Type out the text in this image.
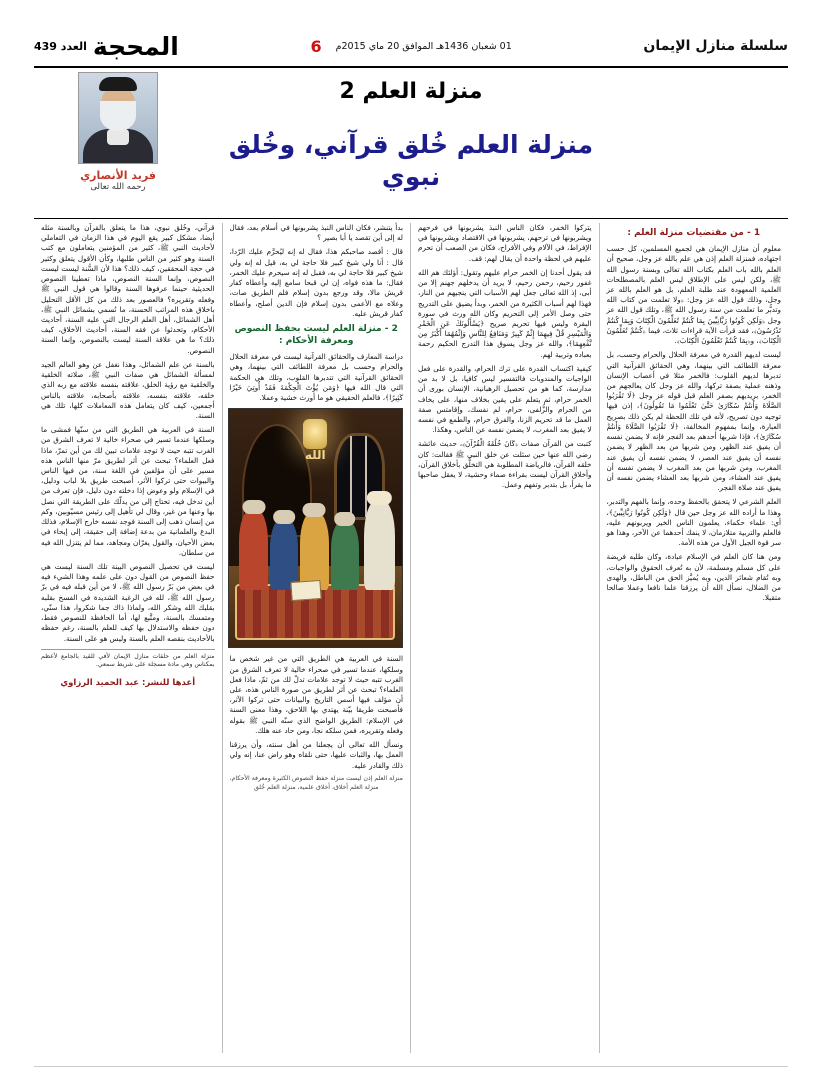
سلسلة منازل الإيمان
01 شعبان 1436هـ الموافق 20 ماي 2015م
6
المحجة
العدد 439
منزلة العلم 2
منزلة العلم خُلق قرآني، وخُلق نبوي
فريد الأنصاري
رحمه الله تعالى
1 - من مقتضيات منزلة العلم :

معلوم أن منازل الإيمان هي لجميع المسلمين، كل حسب اجتهاده، فمنزلة العلم إذن هي علم بالله عز وجل، صحيح أن العلم بالله باب العلم بكتاب الله تعالى وبسنة رسول الله ﷺ، ولكن ليس على الإطلاق ليس العلم بالمصطلحات العلمية المعهودة عند طلبة العلم، بل هو العلم بالله عز وجل، وذلك قول الله عز وجل: ﴿ولا تعلمت من كتاب الله وتدبُّر ما تعلمت من سنة رسول الله ﷺ، وتلك قول الله عز وجل ﴿وَلَكِن كُونُوا رَبَّانِيِّينَ بِمَا كُنتُمْ تُعَلِّمُونَ الْكِتَابَ وَبِمَا كُنتُمْ تَدْرُسُونَ﴾، فقد قرأت الآية قراءات ثلاث، فيما ﴿كُنتُمْ تُعَلِّمُونَ الْكِتَابَ﴾، و﴿بِمَا كُنتُمْ تَعْلَمُونَ الْكِتَابَ﴾.

ليست لديهم القدرة في معرفة الحلال والحرام وحسب، بل معرفة اللطائف التي بينهما، وهي الحقائق القرآنية التي تدبرها لديهم القلوب: فالخمر مثلا في أعصاب الإنسان وذهنه عملية بصفة تركها، والله عز وجل كان يعالجهم من الخمر، بريديهم بصفر العلم قبل قوله عز وجل ﴿لَا تَقْرَبُوا الصَّلَاةَ وَأَنتُمْ سُكَارَىٰ حَتَّىٰ تَعْلَمُوا مَا تَقُولُونَ﴾، إذن فيها توجيه دون تصريح، لأنه في تلك اللحظة لم يكن ذلك بصريح العبارة، وإنما بمفهوم المخالفة، ﴿لَا تَقْرَبُوا الصَّلَاةَ وَأَنتُمْ سُكَارَىٰ﴾، فإذا شربها أحدهم بعد الفجر فإنه لا يضمن نفسه أن يفيق عند الظهر، ومن شربها من بعد الظهر لا يضمن نفسه أن يفيق عند العصر، لا يضمن نفسه أن يفيق عند المغرب، ومن شربها من بعد المغرب لا يضمن نفسه أن يفيق عند العشاء، ومن شربها بعد العشاء يضمن نفسه أن يفيق عند صلاة الفجر.

العلم الشرعي لا يتحقق بالحفظ وحده، وإنما بالفهم والتدبر، وهذا ما أراده الله عز وجل حين قال ﴿وَلَكِن كُونُوا رَبَّانِيِّينَ﴾، أي: علماء حكماء، يعلمون الناس الخير ويربونهم عليه، فالعلم والتربية متلازمان، لا ينفك أحدهما عن الآخر، وهذا هو سر قوة الجيل الأول من هذه الأمة.

ومن هنا كان العلم في الإسلام عبادة، وكان طلبه فريضة على كل مسلم ومسلمة، لأن به تُعرف الحقوق والواجبات، وبه تُقام شعائر الدين، وبه يُميَّز الحق من الباطل، والهدى من الضلال، نسأل الله أن يرزقنا علما نافعا وعملا صالحا متقبلا.

يتركوا الخمر، فكان الناس النبذ يشربونها في فرحهم ويشربونها في ترحهم، يشربونها في الاقتصاد ويشربونها في الإفراط، في الآلام وفي الأفراح، فكان من الصعب أن تحرم عليهم في لحظة واحدة أن يقال لهم: قف.

قد يقول أحدنا إن الخمر حرام عليهم وتقول: أؤلئك هم الله غفور رحيم، رحمن رحيم، لا يريد أن يدخلهم جهنم إلا من أبى، إذ الله تعالى جعل لهم الأسباب التي ينجيهم من النار، فهذا لهم أسباب الكثيرة من الخمر، وبدأ يضيق على التدريج حتى وصل الأمر إلى التحريم وكان الله ورث في سورة البقرة وليس فيها تحريم صريح ﴿يَسْأَلُونَكَ عَنِ الْخَمْرِ وَالْمَيْسِرِ قُلْ فِيهِمَا إِثْمٌ كَبِيرٌ وَمَنَافِعُ لِلنَّاسِ وَإِثْمُهُمَا أَكْبَرُ مِن نَّفْعِهِمَا﴾، والله عز وجل يسوق هذا التدرج الحكيم رحمة بعباده وتربية لهم.

كيفية اكتساب القدرة على ترك الحرام، والقدرة على فعل الواجبات والمندوبات فالتفسير ليس كافيا، بل لا بد من مدارسة، كما هو من تحصيل الرهبانية، الإنسان بورى أن الخمر حرام، ثم يتعلم على يقين بخلاف منها، على يخاف من الحرام والزُّلفى، حرام، لم نفسك، وإقامتس صفة العمل ما قد تحريم الزنا، والفرق حرام، والطمع في نفسه لا يفيق بعد المغرب، لا يضمن نفسه عن الناس، وهكذا.

كتبت من القرآن صفات ﴿كَانَ خُلُقَهُ الْقُرْآنَ﴾، حديث عائشة رضي الله عنها حين سئلت عن خلق النبي ﷺ فقالت: كان خلقه القرآن، فالرياضة المطلوبة هي التخلُّق بأخلاق القرآن، وأخلاق القرآن ليست بقراءة صماء وحشية، لا يعقل صاحبها ما يقرأ، بل بتدبر وتفهم وعمل.

بدأ يتنشر، فكان الناس النبذ يشربونها في أسلام بعد، فقال له إلى أين تقصد يا أبا بصير ؟

قال : أقصد صاحبكم هذا، فقال له إنه ليُحرَّم عليك الرّدا، قال : أنا ولي شيخ كبير فلا حاجة لي به، قيل له إنه ولي شيخ كبير فلا حاجة لي به، فقبل له إنه سيحرم عليك الخمر، فقال: ما هذه فواه، إن لي قبحا سامع إليه وأعطاه كفار قريش مالا، وقد ورجع بدون إسلام فلم الطريق صات، وعلاه مع الأعمى بدون إسلام فإن الدين أصلح، وأعطاه كفار قريش عليه.

2 - منزلة العلم ليست بحفظ النصوص ومعرفة الأحكام :

دراسة المعارف والحقائق القرآنية ليست في معرفة الحلال والحرام وحسب بل معرفة اللطائف التي بينهما، وهي الحقائق القرآنية التي تتدبرها القلوب، وتلك هي الحكمة التي قال الله فيها ﴿وَمَن يُؤْتَ الْحِكْمَةَ فَقَدْ أُوتِيَ خَيْرًا كَثِيرًا﴾، فالعلم الحقيقي هو ما أورث خشية وعملا.

الله

السنة في العربية هي الطريق التي من غير شخص ما وسلكها، عندما تسير في صحراء خالية لا تعرف الشرق من الغرب تتبه حيث لا توجد علامات تدلّ لك من ثمّ، ماذا فعل العلماء؟ تبحث عن أثر لطريق من صورة الناس هذه، على أن مؤلف فيها أسس التاريخ والبيانات حتى تركوا الآثر، فأصبحت طريقا بيّنة يهتدي بها اللاحق، وهذا معنى السنة في الإسلام: الطريق الواضح الذي سنّه النبي ﷺ بقوله وفعله وتقريره، فمن سلكه نجا، ومن حاد عنه هلك.

ونسأل الله تعالى أن يجعلنا من أهل سنته، وأن يرزقنا العمل بها، والثبات عليها، حتى نلقاه وهو راض عنا، إنه ولي ذلك والقادر عليه.

منزلة العلم إذن ليست منزلة حفظ النصوص الكثيرة ومعرفة الأحكام، منزلة العلم أخلاق، أخلاق علمية، منزلة العلم خُلق

قرآني، وخُلق نبوي، هذا ما يتعلق بالقرآن وبالسنة مثله أيضا، مشكل كبير يقع اليوم في هذا الزمان في التعاملي لأحاديث النبي ﷺ، كثير من المؤمنين يتعاملون مع كتب السنة وهو كثير من الناس طلبها، وكأن الأقول يتعلق وكثير في حجة المحققين، كيف ذلك؟ هذا لأن السُّنة ليست ليست النصوص، وإنما السنة النصوص، ماذا تعطينا النصوص الحديثية حينما عرفوها السنة وقالوا هي قول النبي ﷺ وفعله وتقريره؟ فالعصور بعد ذلك من كل الأقل التحليل باخلاق هذه المراتب الحسنة، ما نُسمي بشمائل النبي ﷺ، أهل الشمائل، أهل العلم الرجال التي عليه السنة، أحاديث الأحكام، وتحدثوا عن فقه السنة، أحاديث الأخلاق، كيف ذلك؟ ما هي علاقة السنة ليست بالنصوص، وإنما السنة النصوص.

بالسنة عن علم الشمائل، وهذا نغفل عن وهو العالم الجيد لمسألة الشمائل هي صفات النبي ﷺ، صلاته الخلقية والخلقية مع رؤية الخلق، علاقته بنفسه علاقته مع ربه الذي خلقه، علاقته بنفسه، علاقته بأصحابه، علاقته بالناس أجمعين، كيف كان يتعامل هذه المعاملات كلها، تلك هي السنة.

السنة في العربية هي الطريق التي من سنّها فمشى ما وسلكها عندما تسير في صحراء خالية لا تعرف الشرق من الغرب تتبه حيث لا توجد علامات تبين لك من أين تمرّ، ماذا فعل العلماء؟ تبحث عن أثر لطريق مرّ منها الناس هذه مسير على أن مؤلفين في اللغة سنة، من فيها الناس والبيوات حتى تركوا الأثر، أصبحت طريق بلا لباب ودليل، في الإسلام ولو وعوض إذا دخلته دون دليل، فإن تعرف من أين تدخل فيه، تحتاج إلى من يدلّك على الطريقة التي نصل بها وعنها من غير، وقال لي تأهيل إلى رئيس مسيّوبين، وكم من إنسان ذهب إلى السنة فوجد نفسه خارج الإسلام، فذلك البدع والعلمانية من بدعة إضافة إلى حقيقة، إلى إيحاء في بعض الأحيان، والقول يغرّان ومجاهد، مما لم يتنزل الله فيه من سلطان.

ليست في تحصيل النصوص البينة تلك السنة ليست هي حفظ النصوص من القول دون على علمه وهذا الشيء فيه في بعض من بَرّ رسول الله ﷺ، لا من أين قبله فيه في برّ رسول الله ﷺ، لله في الرغبة الشديدة في الفسخ بقلبه بقلبك الله وشكر الله، ولماذا ذاك جما شكروا، هذا سنّي، ومتمسك بالسنة، ومتَّبع لها، أما الحافظة للنصوص فقط، دون حفظه والاستدلال بها كيف للعلم بالسنة، رغم حفظه بالأحاديث بنقصه العلم بالسنة وليس هو على السنة.

منزلة العلم من حلقات منازل الإيمان لأفي للقيد بالجامع لأعظم بمكناس وهي مادة مسجلة على شريط سمعي.
أعدها للنشر: عبد الحميد الرزاوي
